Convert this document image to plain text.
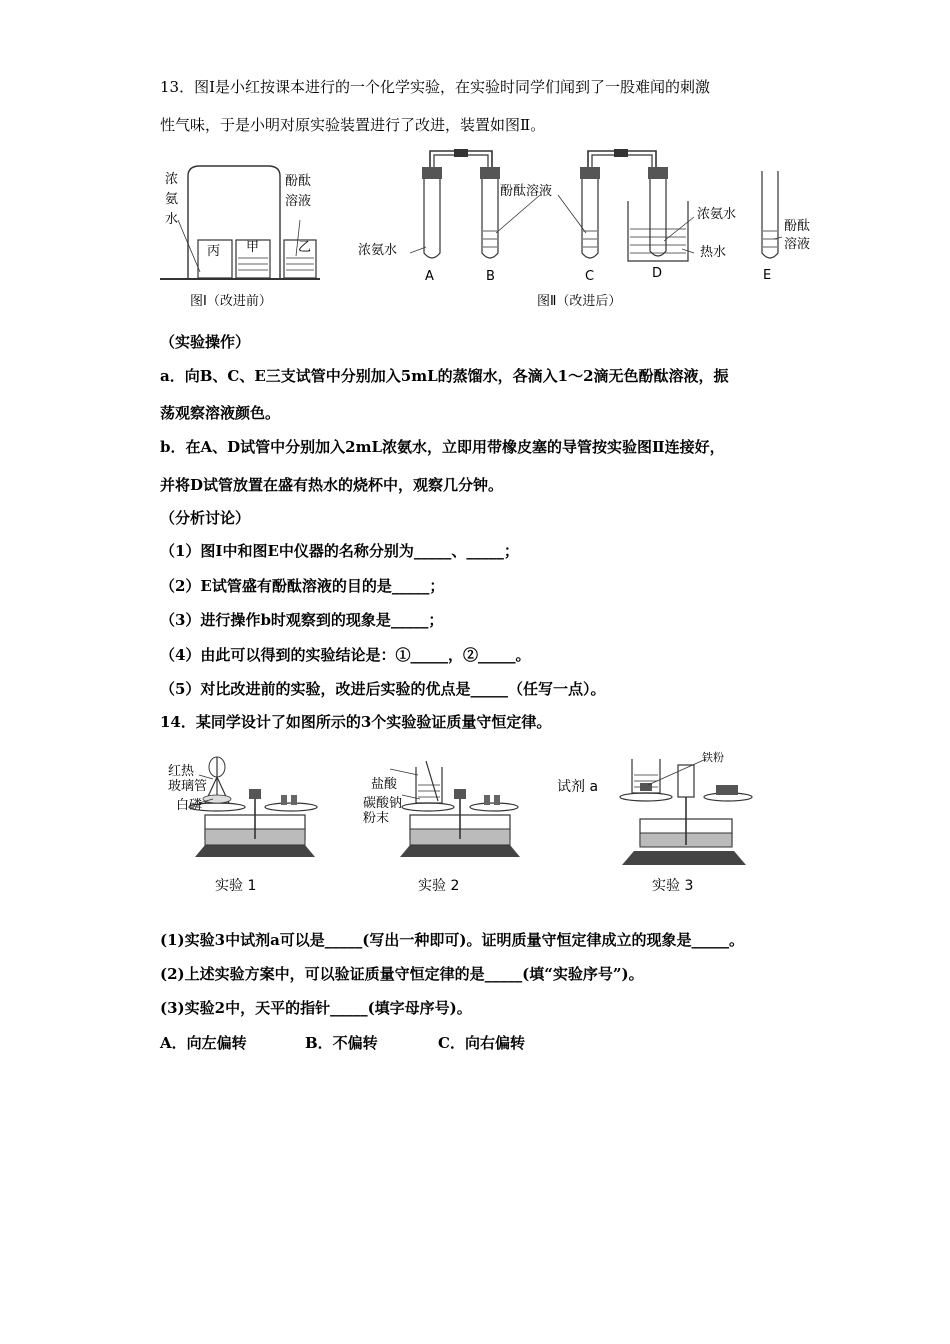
13．图Ⅰ是小红按课本进行的一个化学实验，在实验时同学们闻到了一股难闻的刺激
性气味，于是小明对原实验装置进行了改进，装置如图Ⅱ。
浓
氨
水
酚酞
溶液
丙 甲	乙
图Ⅰ（改进前）
浓氨水
酚酞溶液
浓氨水
热水
酚酞
溶液
A	B	C	D	E
图Ⅱ（改进后）
（实验操作）
a．向B、C、E三支试管中分别加入5mL的蒸馏水，各滴入1～2滴无色酚酞溶液，振
荡观察溶液颜色。
b．在A、D试管中分别加入2mL浓氨水，立即用带橡皮塞的导管按实验图Ⅱ连接好，
并将D试管放置在盛有热水的烧杯中，观察几分钟。
（分析讨论）
（1）图I中和图E中仪器的名称分别为_____、_____；
（2）E试管盛有酚酞溶液的目的是_____；
（3）进行操作b时观察到的现象是_____；
（4）由此可以得到的实验结论是：①_____，②_____。
（5）对比改进前的实验，改进后实验的优点是_____（任写一点）。
14．某同学设计了如图所示的3个实验验证质量守恒定律。
红热
玻璃管
白磷
实验 1
盐酸
碳酸钠
粉末
实验 2
铁粉
试剂 a
实验 3
(1)实验3中试剂a可以是_____(写出一种即可)。证明质量守恒定律成立的现象是_____。
(2)上述实验方案中，可以验证质量守恒定律的是_____(填“实验序号”)。
(3)实验2中，天平的指针_____(填字母序号)。
A．向左偏转	B．不偏转	C．向右偏转
